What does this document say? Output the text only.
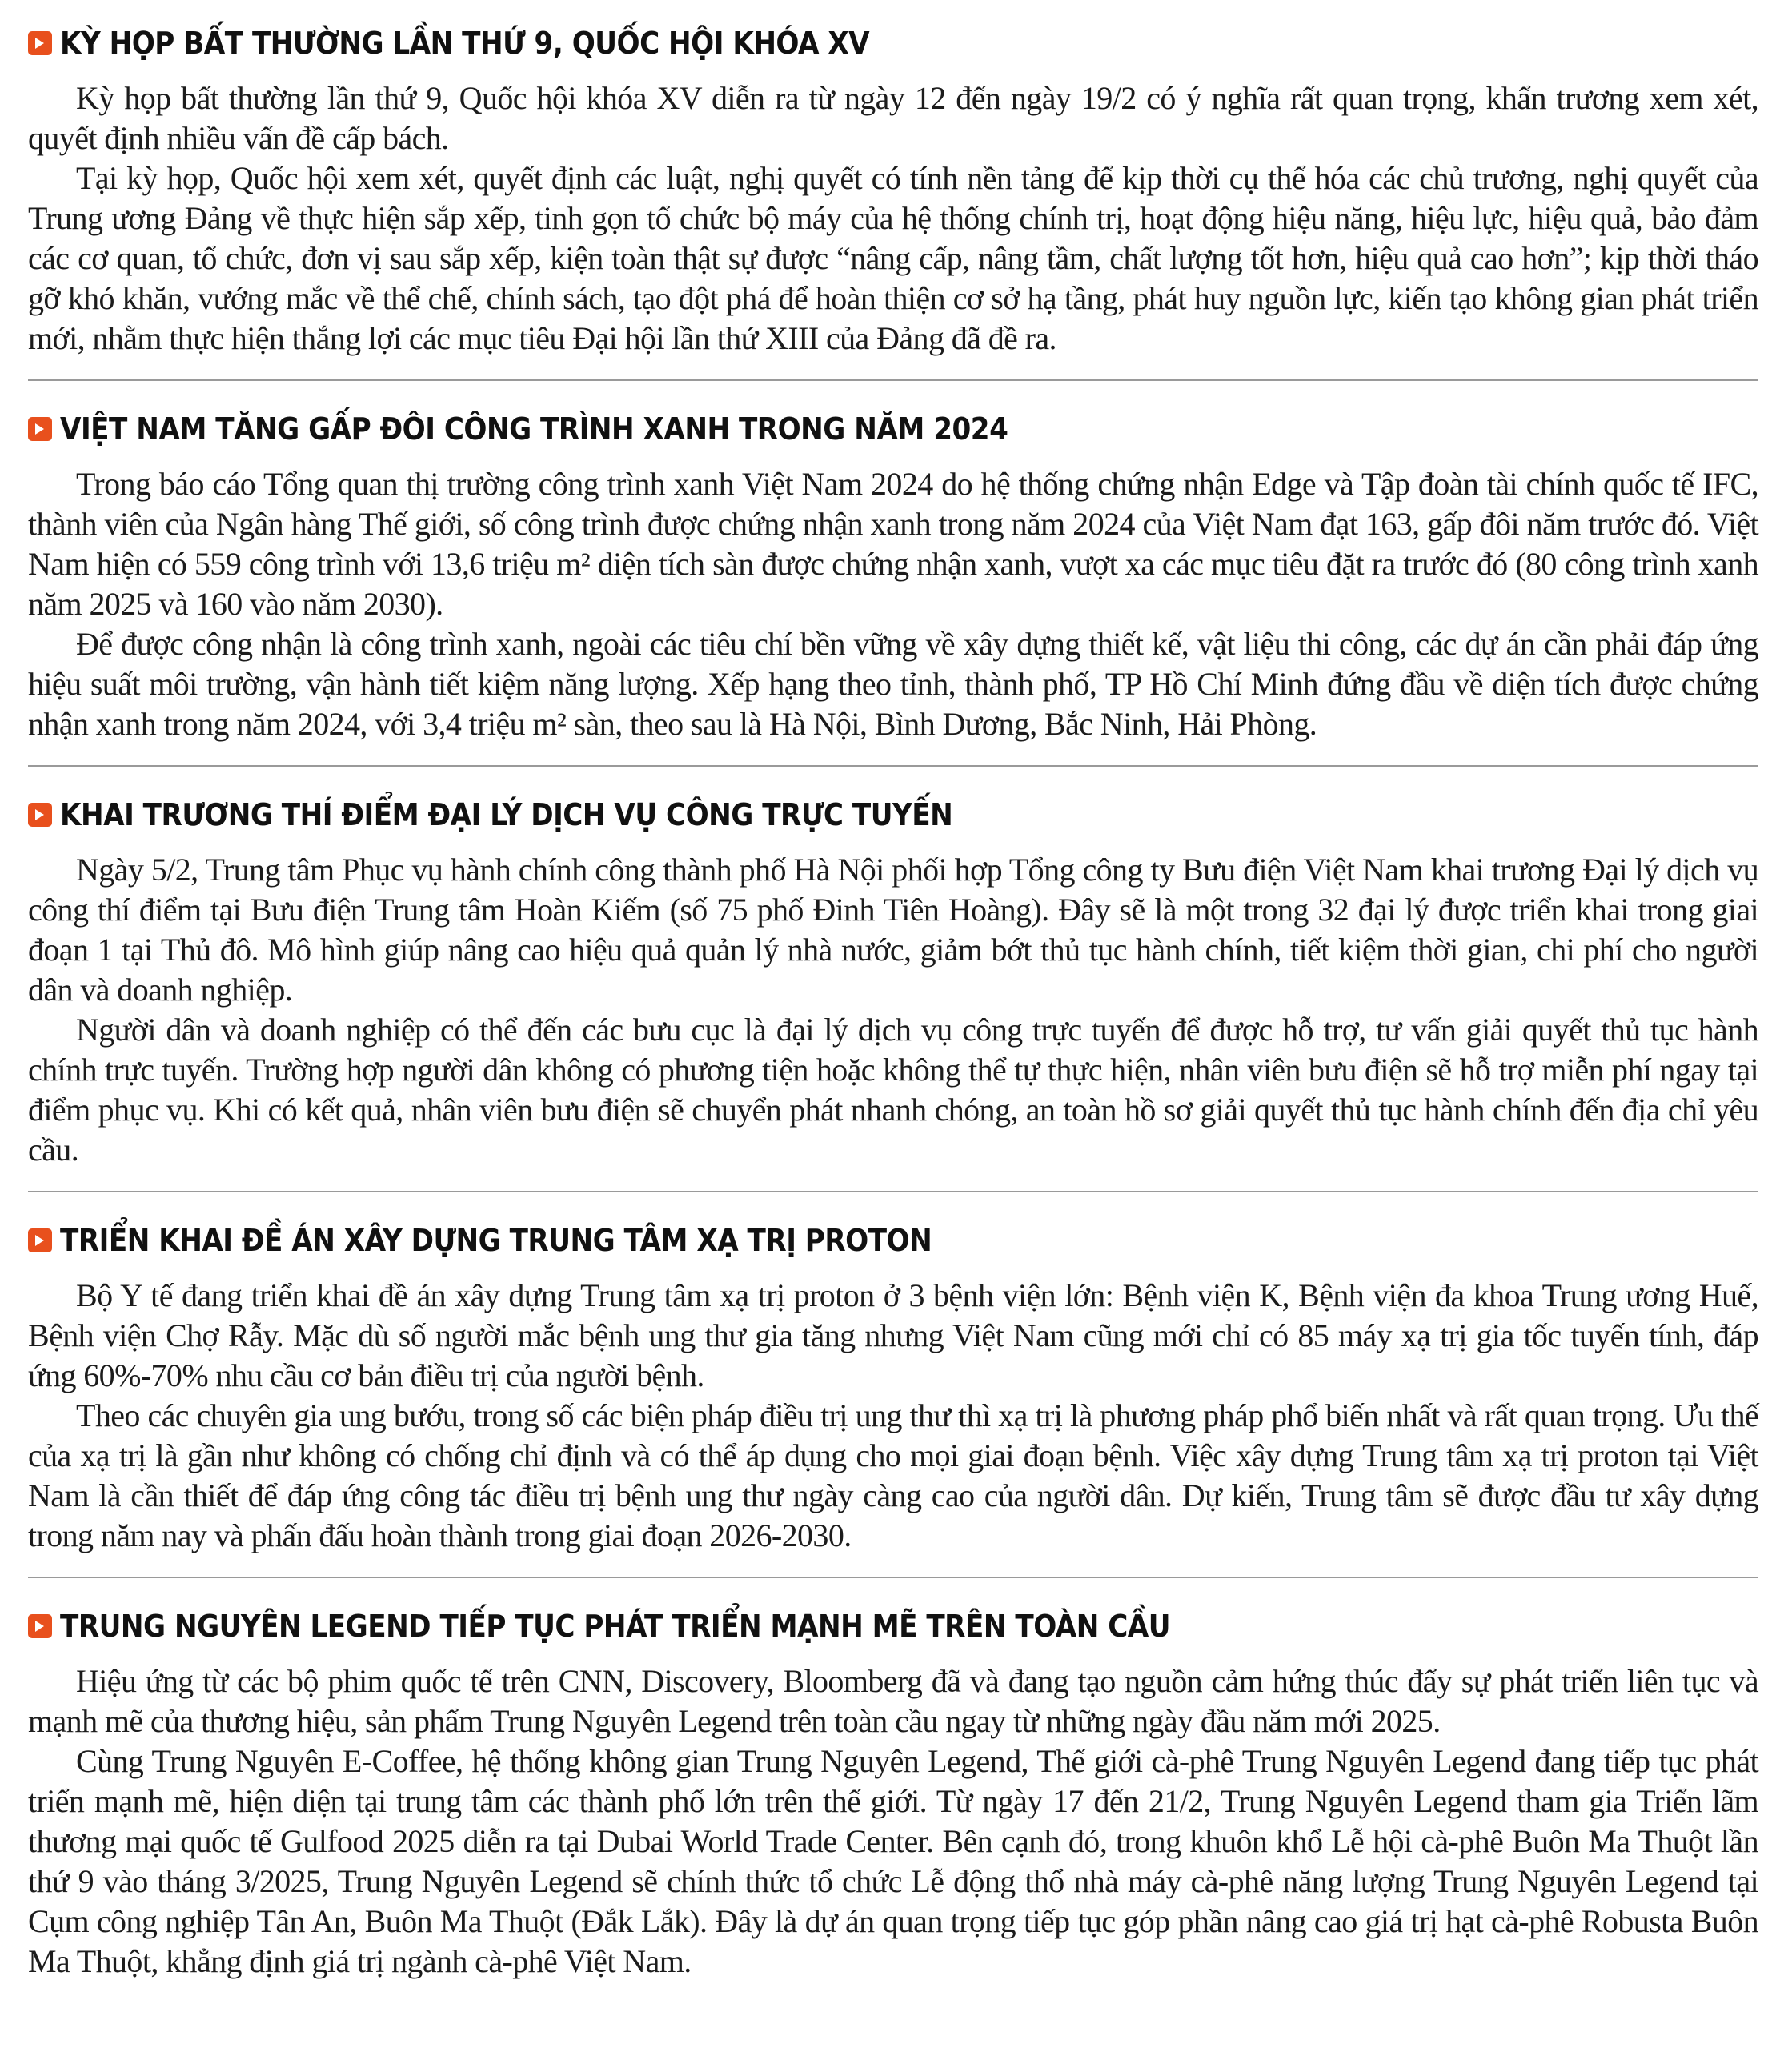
KỲ HỌP BẤT THƯỜNG LẦN THỨ 9, QUỐC HỘI KHÓA XV

Kỳ họp bất thường lần thứ 9, Quốc hội khóa XV diễn ra từ ngày 12 đến ngày 19/2 có ý nghĩa rất quan trọng, khẩn trương xem xét, quyết định nhiều vấn đề cấp bách.

Tại kỳ họp, Quốc hội xem xét, quyết định các luật, nghị quyết có tính nền tảng để kịp thời cụ thể hóa các chủ trương, nghị quyết của Trung ương Đảng về thực hiện sắp xếp, tinh gọn tổ chức bộ máy của hệ thống chính trị, hoạt động hiệu năng, hiệu lực, hiệu quả, bảo đảm các cơ quan, tổ chức, đơn vị sau sắp xếp, kiện toàn thật sự được “nâng cấp, nâng tầm, chất lượng tốt hơn, hiệu quả cao hơn”; kịp thời tháo gỡ khó khăn, vướng mắc về thể chế, chính sách, tạo đột phá để hoàn thiện cơ sở hạ tầng, phát huy nguồn lực, kiến tạo không gian phát triển mới, nhằm thực hiện thắng lợi các mục tiêu Đại hội lần thứ XIII của Đảng đã đề ra.

VIỆT NAM TĂNG GẤP ĐÔI CÔNG TRÌNH XANH TRONG NĂM 2024

Trong báo cáo Tổng quan thị trường công trình xanh Việt Nam 2024 do hệ thống chứng nhận Edge và Tập đoàn tài chính quốc tế IFC, thành viên của Ngân hàng Thế giới, số công trình được chứng nhận xanh trong năm 2024 của Việt Nam đạt 163, gấp đôi năm trước đó. Việt Nam hiện có 559 công trình với 13,6 triệu m² diện tích sàn được chứng nhận xanh, vượt xa các mục tiêu đặt ra trước đó (80 công trình xanh năm 2025 và 160 vào năm 2030).

Để được công nhận là công trình xanh, ngoài các tiêu chí bền vững về xây dựng thiết kế, vật liệu thi công, các dự án cần phải đáp ứng hiệu suất môi trường, vận hành tiết kiệm năng lượng. Xếp hạng theo tỉnh, thành phố, TP Hồ Chí Minh đứng đầu về diện tích được chứng nhận xanh trong năm 2024, với 3,4 triệu m² sàn, theo sau là Hà Nội, Bình Dương, Bắc Ninh, Hải Phòng.

KHAI TRƯƠNG THÍ ĐIỂM ĐẠI LÝ DỊCH VỤ CÔNG TRỰC TUYẾN

Ngày 5/2, Trung tâm Phục vụ hành chính công thành phố Hà Nội phối hợp Tổng công ty Bưu điện Việt Nam khai trương Đại lý dịch vụ công thí điểm tại Bưu điện Trung tâm Hoàn Kiếm (số 75 phố Đinh Tiên Hoàng). Đây sẽ là một trong 32 đại lý được triển khai trong giai đoạn 1 tại Thủ đô. Mô hình giúp nâng cao hiệu quả quản lý nhà nước, giảm bớt thủ tục hành chính, tiết kiệm thời gian, chi phí cho người dân và doanh nghiệp.

Người dân và doanh nghiệp có thể đến các bưu cục là đại lý dịch vụ công trực tuyến để được hỗ trợ, tư vấn giải quyết thủ tục hành chính trực tuyến. Trường hợp người dân không có phương tiện hoặc không thể tự thực hiện, nhân viên bưu điện sẽ hỗ trợ miễn phí ngay tại điểm phục vụ. Khi có kết quả, nhân viên bưu điện sẽ chuyển phát nhanh chóng, an toàn hồ sơ giải quyết thủ tục hành chính đến địa chỉ yêu cầu.

TRIỂN KHAI ĐỀ ÁN XÂY DỰNG TRUNG TÂM XẠ TRỊ PROTON

Bộ Y tế đang triển khai đề án xây dựng Trung tâm xạ trị proton ở 3 bệnh viện lớn: Bệnh viện K, Bệnh viện đa khoa Trung ương Huế, Bệnh viện Chợ Rẫy. Mặc dù số người mắc bệnh ung thư gia tăng nhưng Việt Nam cũng mới chỉ có 85 máy xạ trị gia tốc tuyến tính, đáp ứng 60%-70% nhu cầu cơ bản điều trị của người bệnh.

Theo các chuyên gia ung bướu, trong số các biện pháp điều trị ung thư thì xạ trị là phương pháp phổ biến nhất và rất quan trọng. Ưu thế của xạ trị là gần như không có chống chỉ định và có thể áp dụng cho mọi giai đoạn bệnh. Việc xây dựng Trung tâm xạ trị proton tại Việt Nam là cần thiết để đáp ứng công tác điều trị bệnh ung thư ngày càng cao của người dân. Dự kiến, Trung tâm sẽ được đầu tư xây dựng trong năm nay và phấn đấu hoàn thành trong giai đoạn 2026-2030.

TRUNG NGUYÊN LEGEND TIẾP TỤC PHÁT TRIỂN MẠNH MẼ TRÊN TOÀN CẦU

Hiệu ứng từ các bộ phim quốc tế trên CNN, Discovery, Bloomberg đã và đang tạo nguồn cảm hứng thúc đẩy sự phát triển liên tục và mạnh mẽ của thương hiệu, sản phẩm Trung Nguyên Legend trên toàn cầu ngay từ những ngày đầu năm mới 2025.

Cùng Trung Nguyên E-Coffee, hệ thống không gian Trung Nguyên Legend, Thế giới cà-phê Trung Nguyên Legend đang tiếp tục phát triển mạnh mẽ, hiện diện tại trung tâm các thành phố lớn trên thế giới. Từ ngày 17 đến 21/2, Trung Nguyên Legend tham gia Triển lãm thương mại quốc tế Gulfood 2025 diễn ra tại Dubai World Trade Center. Bên cạnh đó, trong khuôn khổ Lễ hội cà-phê Buôn Ma Thuột lần thứ 9 vào tháng 3/2025, Trung Nguyên Legend sẽ chính thức tổ chức Lễ động thổ nhà máy cà-phê năng lượng Trung Nguyên Legend tại Cụm công nghiệp Tân An, Buôn Ma Thuột (Đắk Lắk). Đây là dự án quan trọng tiếp tục góp phần nâng cao giá trị hạt cà-phê Robusta Buôn Ma Thuột, khẳng định giá trị ngành cà-phê Việt Nam.
